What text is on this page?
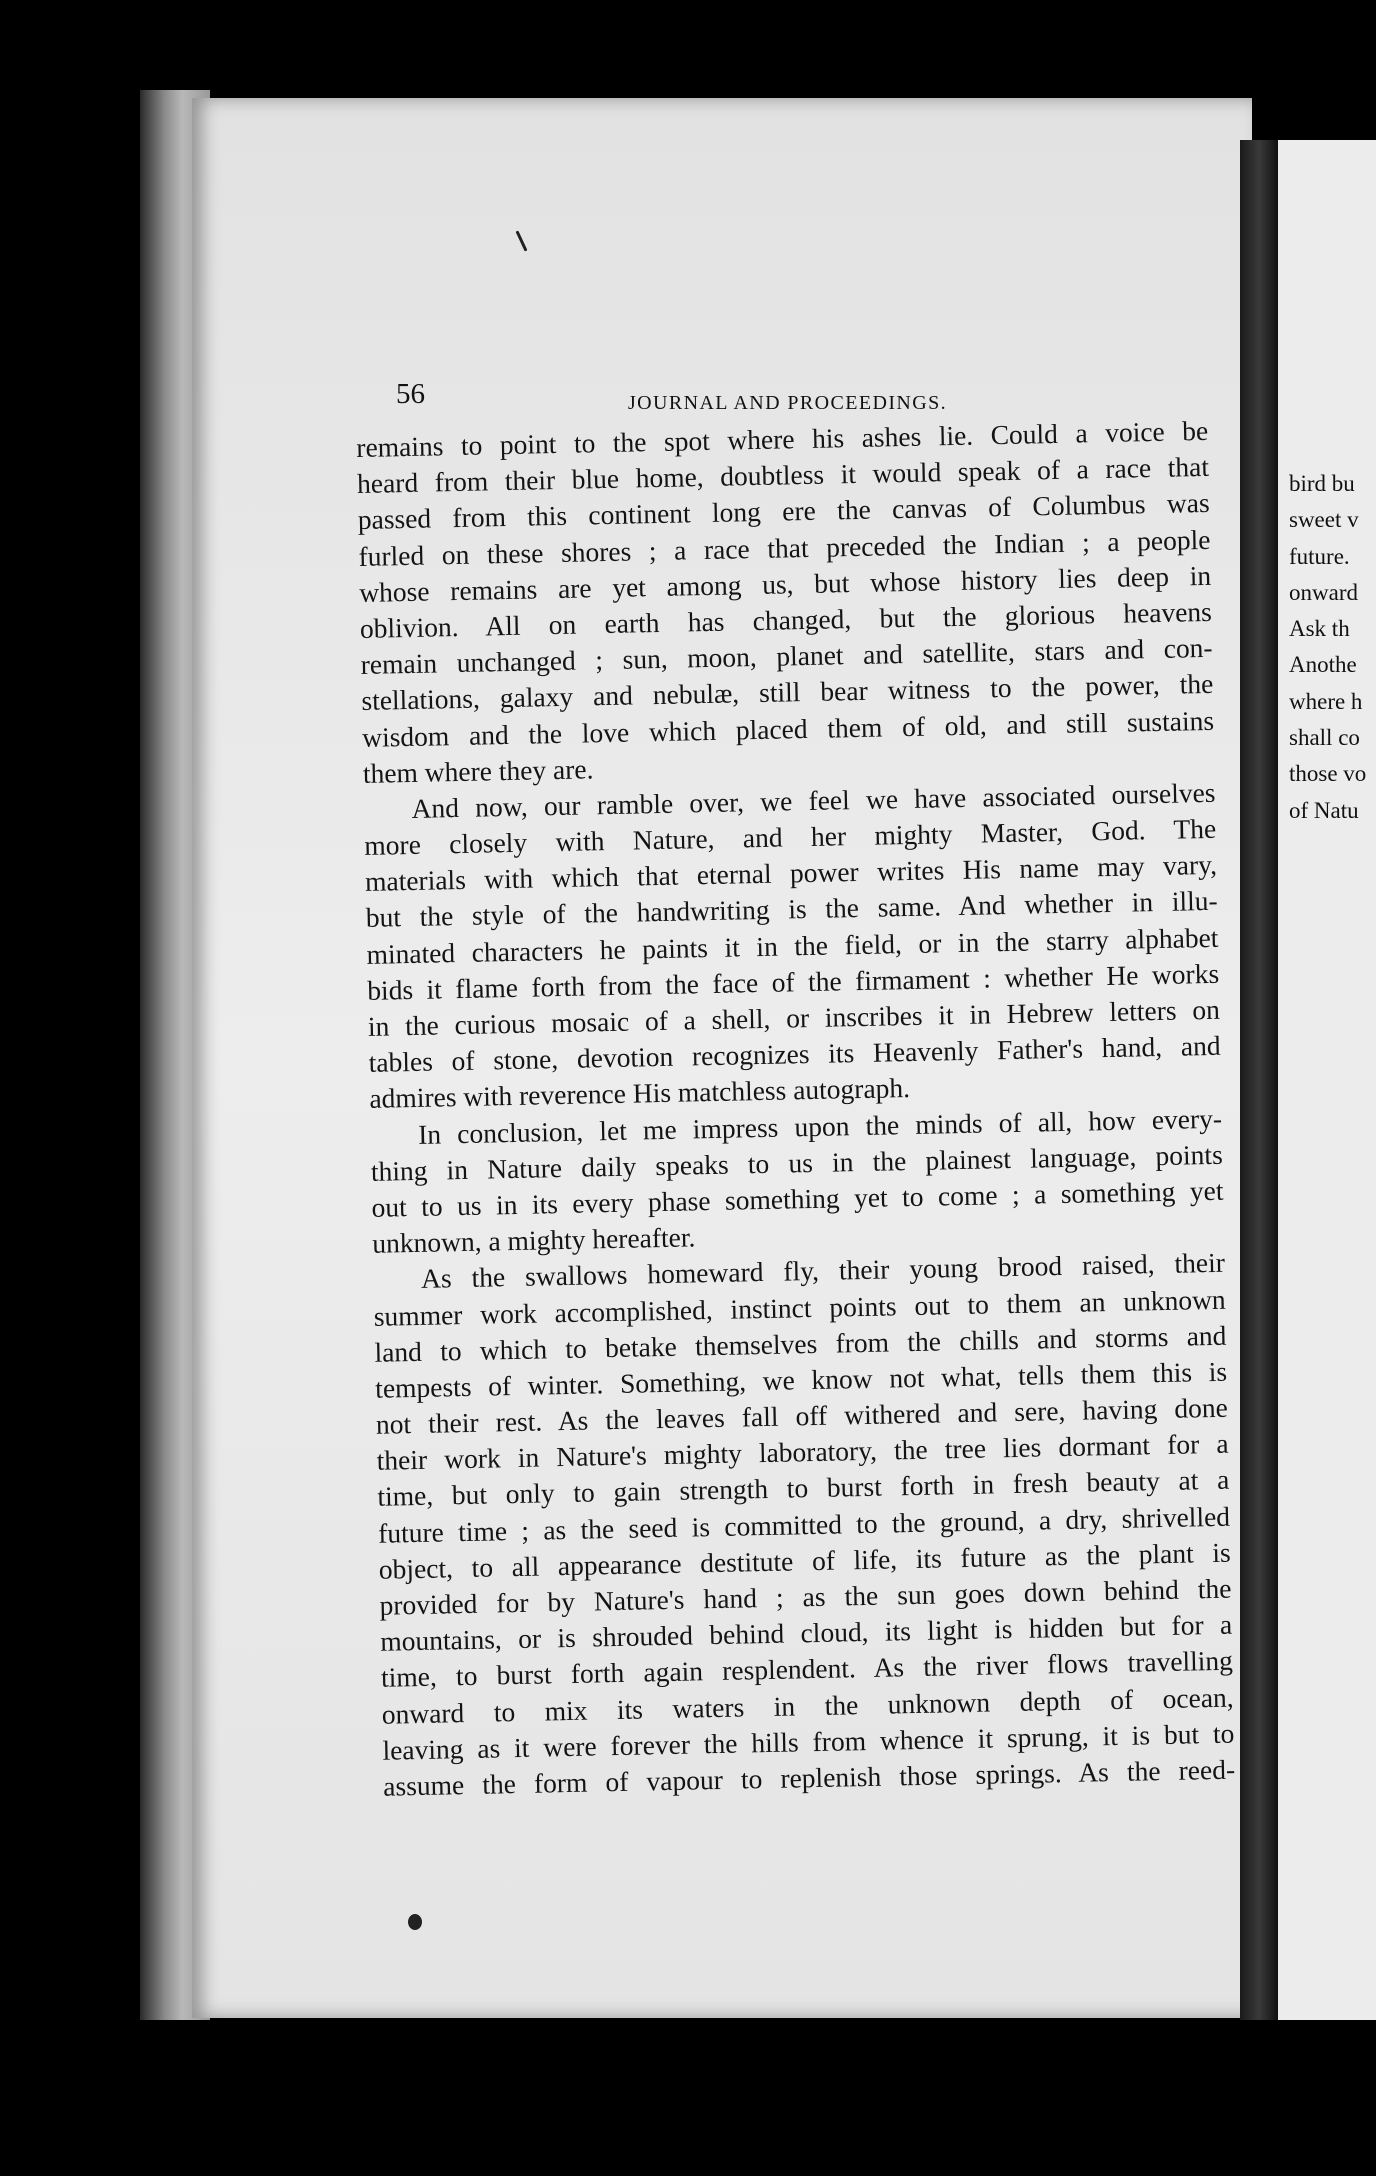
56	JOURNAL AND PROCEEDINGS.
remains to point to the spot where his ashes lie. Could a voice be
heard from their blue home, doubtless it would speak of a race that
passed from this continent long ere the canvas of Columbus was
furled on these shores ; a race that preceded the Indian ; a people
whose remains are yet among us, but whose history lies deep in
oblivion. All on earth has changed, but the glorious heavens
remain unchanged ; sun, moon, planet and satellite, stars and con-
stellations, galaxy and nebulæ, still bear witness to the power, the
wisdom and the love which placed them of old, and still sustains
them where they are.
And now, our ramble over, we feel we have associated ourselves
more closely with Nature, and her mighty Master, God. The
materials with which that eternal power writes His name may vary,
but the style of the handwriting is the same. And whether in illu-
minated characters he paints it in the field, or in the starry alphabet
bids it flame forth from the face of the firmament : whether He works
in the curious mosaic of a shell, or inscribes it in Hebrew letters on
tables of stone, devotion recognizes its Heavenly Father's hand, and
admires with reverence His matchless autograph.
In conclusion, let me impress upon the minds of all, how every-
thing in Nature daily speaks to us in the plainest language, points
out to us in its every phase something yet to come ; a something yet
unknown, a mighty hereafter.
As the swallows homeward fly, their young brood raised, their
summer work accomplished, instinct points out to them an unknown
land to which to betake themselves from the chills and storms and
tempests of winter. Something, we know not what, tells them this is
not their rest. As the leaves fall off withered and sere, having done
their work in Nature's mighty laboratory, the tree lies dormant for a
time, but only to gain strength to burst forth in fresh beauty at a
future time ; as the seed is committed to the ground, a dry, shrivelled
object, to all appearance destitute of life, its future as the plant is
provided for by Nature's hand ; as the sun goes down behind the
mountains, or is shrouded behind cloud, its light is hidden but for a
time, to burst forth again resplendent. As the river flows travelling
onward to mix its waters in the unknown depth of ocean,
leaving as it were forever the hills from whence it sprung, it is but to
assume the form of vapour to replenish those springs. As the reed-
bird bu
sweet v
future.
onward
Ask th
Anothe
where h
shall co
those vo
of Natu
